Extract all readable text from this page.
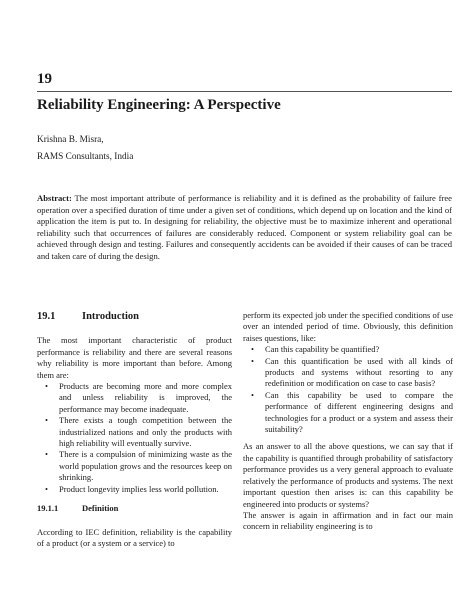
19
Reliability Engineering: A Perspective
Krishna B. Misra,
RAMS Consultants, India

Abstract: The most important attribute of performance is reliability and it is defined as the probability of failure free operation over a specified duration of time under a given set of conditions, which depend up on location and the kind of application the item is put to. In designing for reliability, the objective must be to maximize inherent and operational reliability such that occurrences of failures are considerably reduced. Component or system reliability goal can be achieved through design and testing. Failures and consequently accidents can be avoided if their causes of can be traced and taken care of during the design.

19.1	Introduction

The most important characteristic of product performance is reliability and there are several reasons why reliability is more important than before. Among them are:

• Products are becoming more and more complex and unless reliability is improved, the performance may become inadequate.
• There exists a tough competition between the industrialized nations and only the products with high reliability will eventually survive.
• There is a compulsion of minimizing waste as the world population grows and the resources keep on shrinking.
• Product longevity implies less world pollution.
19.1.1	Definition

According to IEC definition, reliability is the capability of a product (or a system or a service) to

perform its expected job under the specified conditions of use over an intended period of time. Obviously, this definition raises questions, like:

• Can this capability be quantified?
• Can this quantification be used with all kinds of products and systems without resorting to any redefinition or modification on case to case basis?
• Can this capability be used to compare the performance of different engineering designs and technologies for a product or a system and assess their suitability?

As an answer to all the above questions, we can say that if the capability is quantified through probability of satisfactory performance provides us a very general approach to evaluate relatively the performance of products and systems. The next important question then arises is: can this capability be engineered into products or systems?

The answer is again in affirmation and in fact our main concern in reliability engineering is to
